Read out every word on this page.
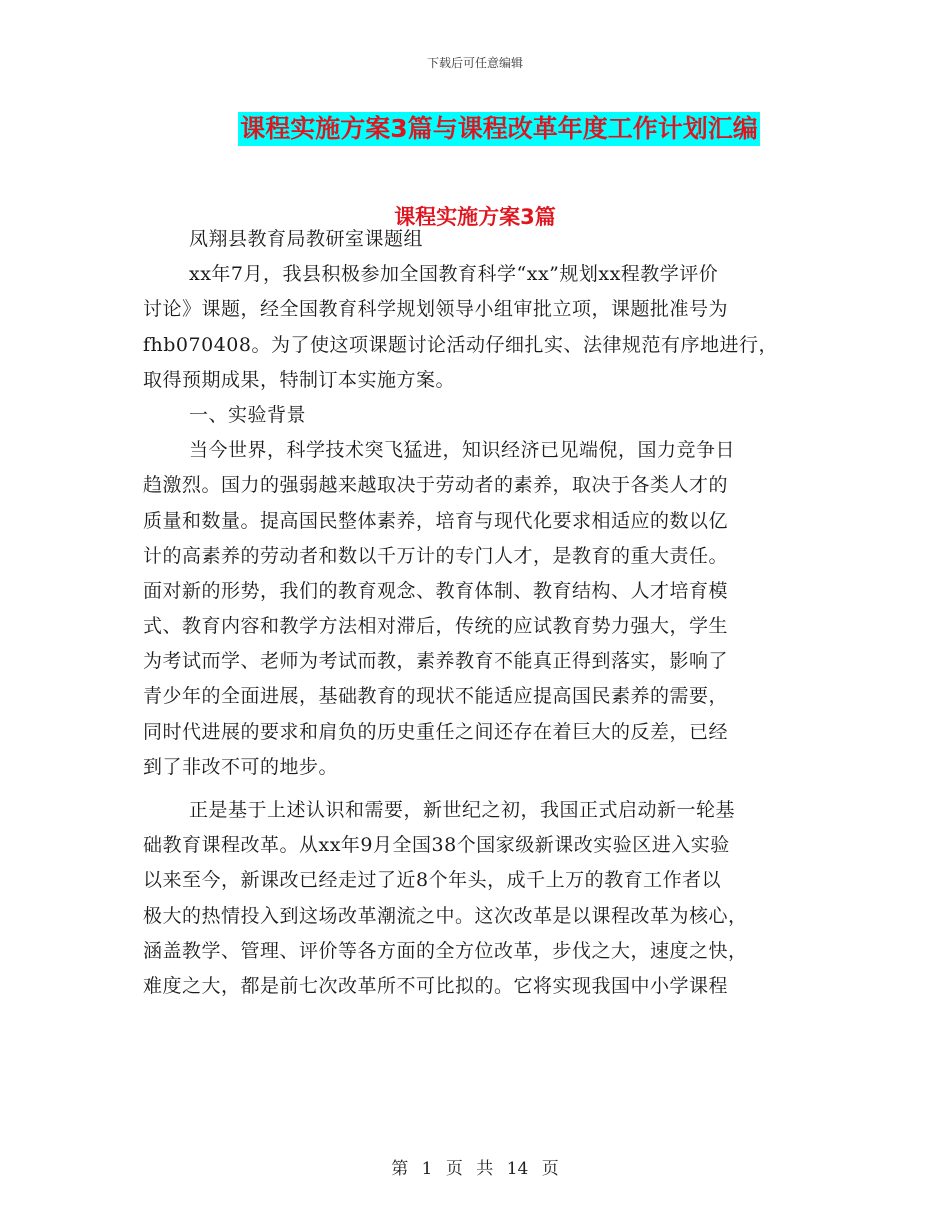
下载后可任意编辑
课程实施方案3篇与课程改革年度工作计划汇编
课程实施方案3篇
凤翔县教育局教研室课题组
xx年7月，我县积极参加全国教育科学“xx”规划xx程教学评价
讨论》课题，经全国教育科学规划领导小组审批立项，课题批准号为
fhb070408。为了使这项课题讨论活动仔细扎实、法律规范有序地进行，
取得预期成果，特制订本实施方案。
一、实验背景
当今世界，科学技术突飞猛进，知识经济已见端倪，国力竞争日
趋激烈。国力的强弱越来越取决于劳动者的素养，取决于各类人才的
质量和数量。提高国民整体素养，培育与现代化要求相适应的数以亿
计的高素养的劳动者和数以千万计的专门人才，是教育的重大责任。
面对新的形势，我们的教育观念、教育体制、教育结构、人才培育模
式、教育内容和教学方法相对滞后，传统的应试教育势力强大，学生
为考试而学、老师为考试而教，素养教育不能真正得到落实，影响了
青少年的全面进展，基础教育的现状不能适应提高国民素养的需要，
同时代进展的要求和肩负的历史重任之间还存在着巨大的反差，已经
到了非改不可的地步。
正是基于上述认识和需要，新世纪之初，我国正式启动新一轮基
础教育课程改革。从xx年9月全国38个国家级新课改实验区进入实验
以来至今，新课改已经走过了近8个年头，成千上万的教育工作者以
极大的热情投入到这场改革潮流之中。这次改革是以课程改革为核心，
涵盖教学、管理、评价等各方面的全方位改革，步伐之大，速度之快，
难度之大，都是前七次改革所不可比拟的。它将实现我国中小学课程
第 1 页 共 14 页
